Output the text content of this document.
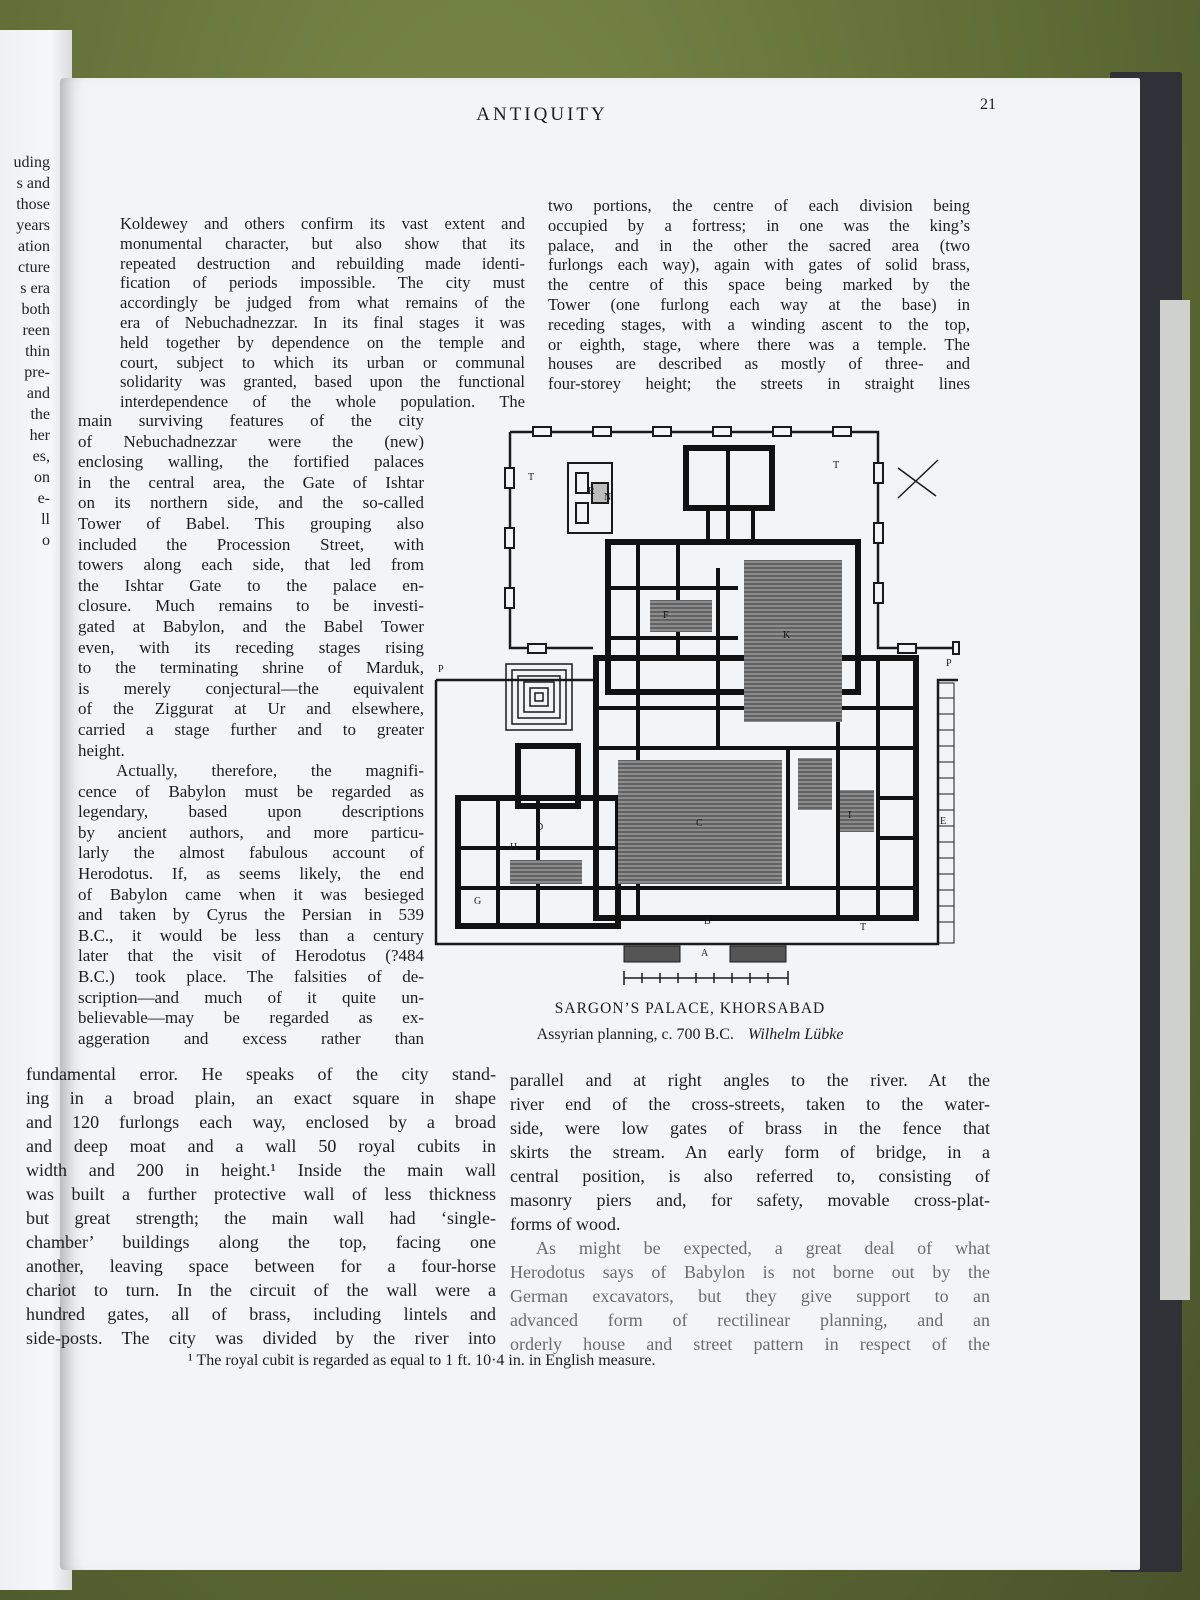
uding
s and
those
years
ation
cture
s era
both
reen
thin
pre-
and
the
her
es,
on
e-
ll
o
ANTIQUITY	21
Koldewey and others confirm its vast extent and
monumental character, but also show that its
repeated destruction and rebuilding made identi-
fication of periods impossible. The city must
accordingly be judged from what remains of the
era of Nebuchadnezzar. In its final stages it was
held together by dependence on the temple and
court, subject to which its urban or communal
solidarity was granted, based upon the functional
interdependence of the whole population. The
two portions, the centre of each division being
occupied by a fortress; in one was the king’s
palace, and in the other the sacred area (two
furlongs each way), again with gates of solid brass,
the centre of this space being marked by the
Tower (one furlong each way at the base) in
receding stages, with a winding ascent to the top,
or eighth, stage, where there was a temple. The
houses are described as mostly of three- and
four-storey height; the streets in straight lines
main surviving features of the city
of Nebuchadnezzar were the (new)
enclosing walling, the fortified palaces
in the central area, the Gate of Ishtar
on its northern side, and the so-called
Tower of Babel. This grouping also
included the Procession Street, with
towers along each side, that led from
the Ishtar Gate to the palace en-
closure. Much remains to be investi-
gated at Babylon, and the Babel Tower
even, with its receding stages rising
to the terminating shrine of Marduk,
is merely conjectural—the equivalent
of the Ziggurat at Ur and elsewhere,
carried a stage further and to greater
height.
Actually, therefore, the magnifi-
cence of Babylon must be regarded as
legendary, based upon descriptions
by ancient authors, and more particu-
larly the almost fabulous account of
Herodotus. If, as seems likely, the end
of Babylon came when it was besieged
and taken by Cyrus the Persian in 539
B.C., it would be less than a century
later that the visit of Herodotus (?484
B.C.) took place. The falsities of de-
scription—and much of it quite un-
believable—may be regarded as ex-
aggeration and excess rather than
fundamental error. He speaks of the city stand-
ing in a broad plain, an exact square in shape
and 120 furlongs each way, enclosed by a broad
and deep moat and a wall 50 royal cubits in
width and 200 in height.¹ Inside the main wall
was built a further protective wall of less thickness
but great strength; the main wall had ‘single-
chamber’ buildings along the top, facing one
another, leaving space between for a four-horse
chariot to turn. In the circuit of the wall were a
hundred gates, all of brass, including lintels and
side-posts. The city was divided by the river into
parallel and at right angles to the river. At the
river end of the cross-streets, taken to the water-
side, were low gates of brass in the fence that
skirts the stream. An early form of bridge, in a
central position, is also referred to, consisting of
masonry piers and, for safety, movable cross-plat-
forms of wood.
As might be expected, a great deal of what
Herodotus says of Babylon is not borne out by the
German excavators, but they give support to an
advanced form of rectilinear planning, and an
orderly house and street pattern in respect of the
¹ The royal cubit is regarded as equal to 1 ft. 10·4 in. in English measure.
T
T
T
P
P
A
B
C	E
H
N
K
I
F
D
G
R
SARGON’S PALACE, KHORSABAD
Assyrian planning, c. 700 B.C. Wilhelm Lübke
